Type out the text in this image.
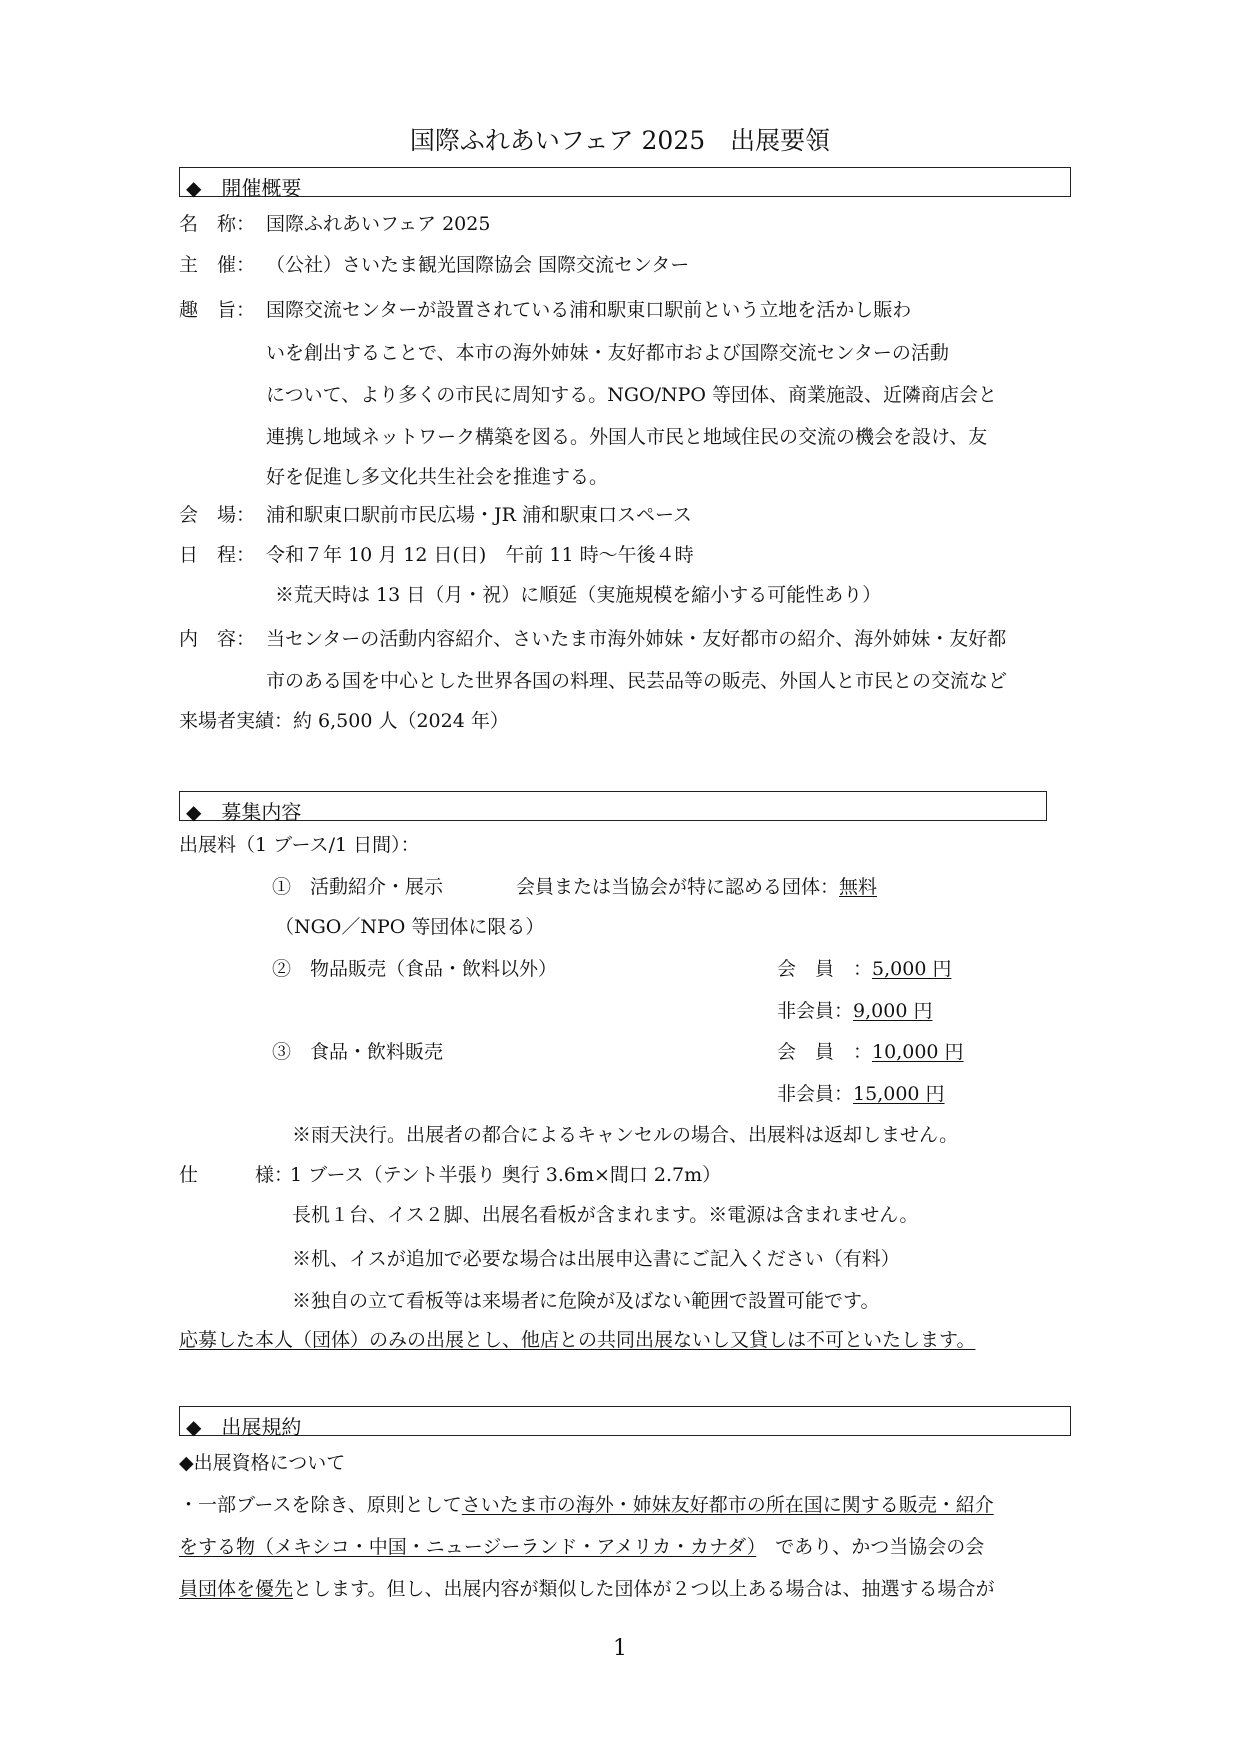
国際ふれあいフェア 2025　出展要領
◆　開催概要
名　称： 国際ふれあいフェア 2025
主　催： （公社）さいたま観光国際協会 国際交流センター
趣　旨： 国際交流センターが設置されている浦和駅東口駅前という立地を活かし賑わ
いを創出することで、本市の海外姉妹・友好都市および国際交流センターの活動
について、より多くの市民に周知する。NGO/NPO 等団体、商業施設、近隣商店会と
連携し地域ネットワーク構築を図る。外国人市民と地域住民の交流の機会を設け、友
好を促進し多文化共生社会を推進する。
会　場： 浦和駅東口駅前市民広場・JR 浦和駅東口スペース
日　程： 令和７年 10 月 12 日(日)　午前 11 時～午後４時
※荒天時は 13 日（月・祝）に順延（実施規模を縮小する可能性あり）
内　容： 当センターの活動内容紹介、さいたま市海外姉妹・友好都市の紹介、海外姉妹・友好都
市のある国を中心とした世界各国の料理、民芸品等の販売、外国人と市民との交流など
来場者実績：約 6,500 人（2024 年）
◆　募集内容
出展料（1 ブース/1 日間）：
①　活動紹介・展示	会員または当協会が特に認める団体：無料
（NGO／NPO 等団体に限る）
②　物品販売（食品・飲料以外）	会　員　：5,000 円
非会員：9,000 円
③　食品・飲料販売	会　員　：10,000 円
非会員：15,000 円
※雨天決行。出展者の都合によるキャンセルの場合、出展料は返却しません。
仕　　　様：
1 ブース（テント半張り 奥行 3.6m×間口 2.7m）
長机１台、イス２脚、出展名看板が含まれます。※電源は含まれません。
※机、イスが追加で必要な場合は出展申込書にご記入ください（有料）
※独自の立て看板等は来場者に危険が及ばない範囲で設置可能です。
応募した本人（団体）のみの出展とし、他店との共同出展ないし又貸しは不可といたします。
◆　出展規約
◆出展資格について
・一部ブースを除き、原則としてさいたま市の海外・姉妹友好都市の所在国に関する販売・紹介
をする物（メキシコ・中国・ニュージーランド・アメリカ・カナダ）　であり、かつ当協会の会
員団体を優先とします。但し、出展内容が類似した団体が２つ以上ある場合は、抽選する場合が
1
